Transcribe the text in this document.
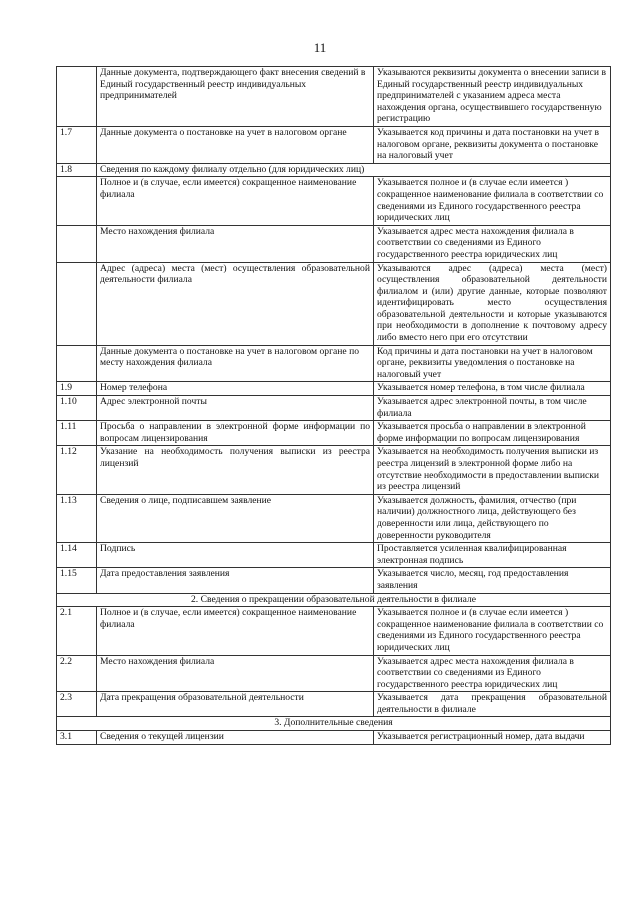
11
	Данные документа, подтверждающего факт внесения сведений в Единый государственный реестр индивидуальных предпринимателей	Указываются реквизиты документа о внесении записи в Единый государственный реестр индивидуальных предпринимателей с указанием адреса места нахождения органа, осуществившего государственную регистрацию
1.7	Данные документа о постановке на учет в налоговом органе	Указывается код причины и дата постановки на учет в налоговом органе, реквизиты документа о постановке на налоговый учет
1.8	Сведения по каждому филиалу отдельно (для юридических лиц)	
	Полное и (в случае, если имеется) сокращенное наименование филиала	Указывается полное и (в случае если имеется ) сокращенное наименование филиала в соответствии со сведениями из Единого государственного реестра юридических лиц
	Место нахождения филиала	Указывается адрес места нахождения филиала в соответствии со сведениями из Единого государственного реестра юридических лиц
	Адрес (адреса) места (мест) осуществления образовательной деятельности филиала	Указываются адрес (адреса) места (мест) осуществления образовательной деятельности филиалом и (или) другие данные, которые позволяют идентифицировать место осуществления образовательной деятельности и которые указываются при необходимости в дополнение к почтовому адресу либо вместо него при его отсутствии
	Данные документа о постановке на учет в налоговом органе по месту нахождения филиала	Код причины и дата постановки на учет в налоговом органе, реквизиты уведомления о постановке на налоговый учет
1.9	Номер телефона	Указывается номер телефона, в том числе филиала
1.10	Адрес электронной почты	Указывается адрес электронной почты, в том числе филиала
1.11	Просьба о направлении в электронной форме информации по вопросам лицензирования	Указывается просьба о направлении в электронной форме информации по вопросам лицензирования
1.12	Указание на необходимость получения выписки из реестра лицензий	Указывается на необходимость получения выписки из реестра лицензий в электронной форме либо на отсутствие необходимости в предоставлении выписки из реестра лицензий
1.13	Сведения о лице, подписавшем заявление	Указывается должность, фамилия, отчество (при наличии) должностного лица, действующего без доверенности или лица, действующего по доверенности руководителя
1.14	Подпись	Проставляется усиленная квалифицированная электронная подпись
1.15	Дата предоставления заявления	Указывается число, месяц, год предоставления заявления
2. Сведения о прекращении образовательной деятельности в филиале		
2.1	Полное и (в случае, если имеется) сокращенное наименование филиала	Указывается полное и (в случае если имеется ) сокращенное наименование филиала в соответствии со сведениями из Единого государственного реестра юридических лиц
2.2	Место нахождения филиала	Указывается адрес места нахождения филиала в соответствии со сведениями из Единого государственного реестра юридических лиц
2.3	Дата прекращения образовательной деятельности	Указывается дата прекращения образовательной деятельности в филиале
3. Дополнительные сведения		
3.1	Сведения о текущей лицензии	Указывается регистрационный номер, дата выдачи
